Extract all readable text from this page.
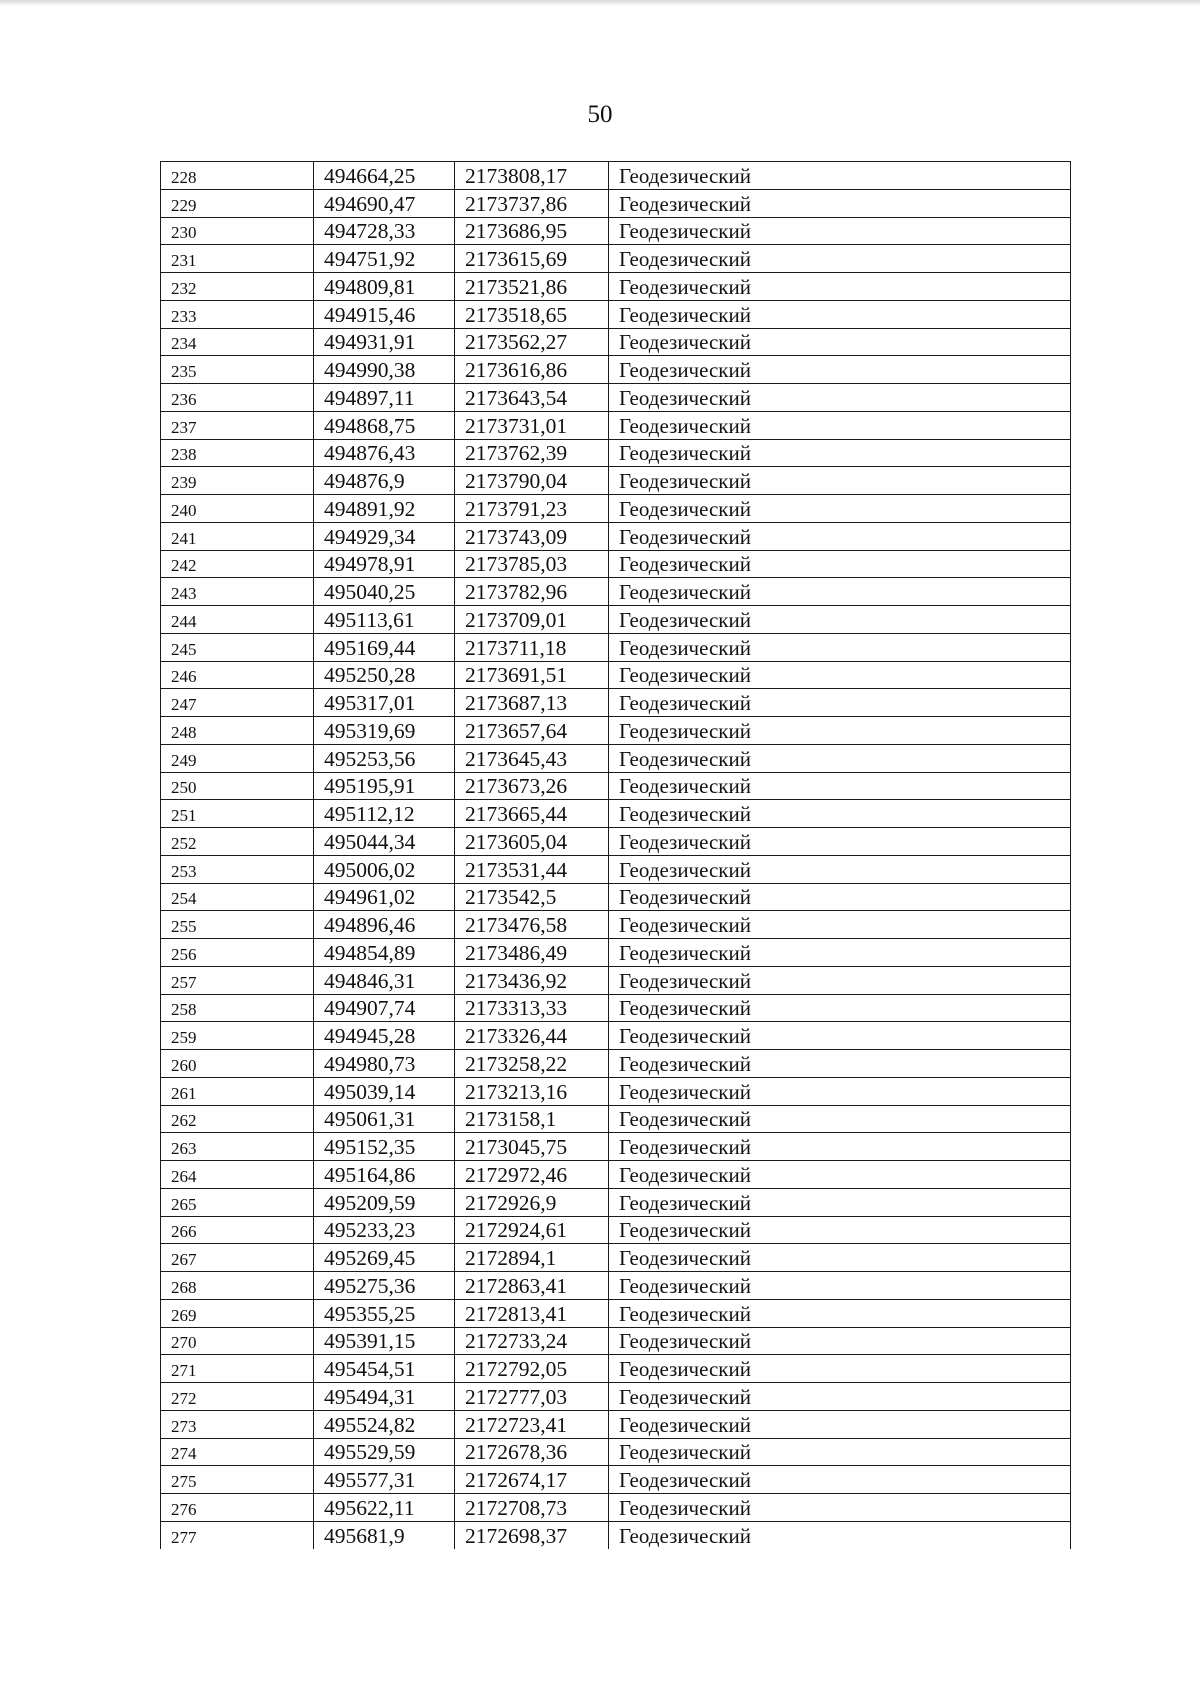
50
228	494664,25	2173808,17	Геодезический
229	494690,47	2173737,86	Геодезический
230	494728,33	2173686,95	Геодезический
231	494751,92	2173615,69	Геодезический
232	494809,81	2173521,86	Геодезический
233	494915,46	2173518,65	Геодезический
234	494931,91	2173562,27	Геодезический
235	494990,38	2173616,86	Геодезический
236	494897,11	2173643,54	Геодезический
237	494868,75	2173731,01	Геодезический
238	494876,43	2173762,39	Геодезический
239	494876,9	2173790,04	Геодезический
240	494891,92	2173791,23	Геодезический
241	494929,34	2173743,09	Геодезический
242	494978,91	2173785,03	Геодезический
243	495040,25	2173782,96	Геодезический
244	495113,61	2173709,01	Геодезический
245	495169,44	2173711,18	Геодезический
246	495250,28	2173691,51	Геодезический
247	495317,01	2173687,13	Геодезический
248	495319,69	2173657,64	Геодезический
249	495253,56	2173645,43	Геодезический
250	495195,91	2173673,26	Геодезический
251	495112,12	2173665,44	Геодезический
252	495044,34	2173605,04	Геодезический
253	495006,02	2173531,44	Геодезический
254	494961,02	2173542,5	Геодезический
255	494896,46	2173476,58	Геодезический
256	494854,89	2173486,49	Геодезический
257	494846,31	2173436,92	Геодезический
258	494907,74	2173313,33	Геодезический
259	494945,28	2173326,44	Геодезический
260	494980,73	2173258,22	Геодезический
261	495039,14	2173213,16	Геодезический
262	495061,31	2173158,1	Геодезический
263	495152,35	2173045,75	Геодезический
264	495164,86	2172972,46	Геодезический
265	495209,59	2172926,9	Геодезический
266	495233,23	2172924,61	Геодезический
267	495269,45	2172894,1	Геодезический
268	495275,36	2172863,41	Геодезический
269	495355,25	2172813,41	Геодезический
270	495391,15	2172733,24	Геодезический
271	495454,51	2172792,05	Геодезический
272	495494,31	2172777,03	Геодезический
273	495524,82	2172723,41	Геодезический
274	495529,59	2172678,36	Геодезический
275	495577,31	2172674,17	Геодезический
276	495622,11	2172708,73	Геодезический
277	495681,9	2172698,37	Геодезический
